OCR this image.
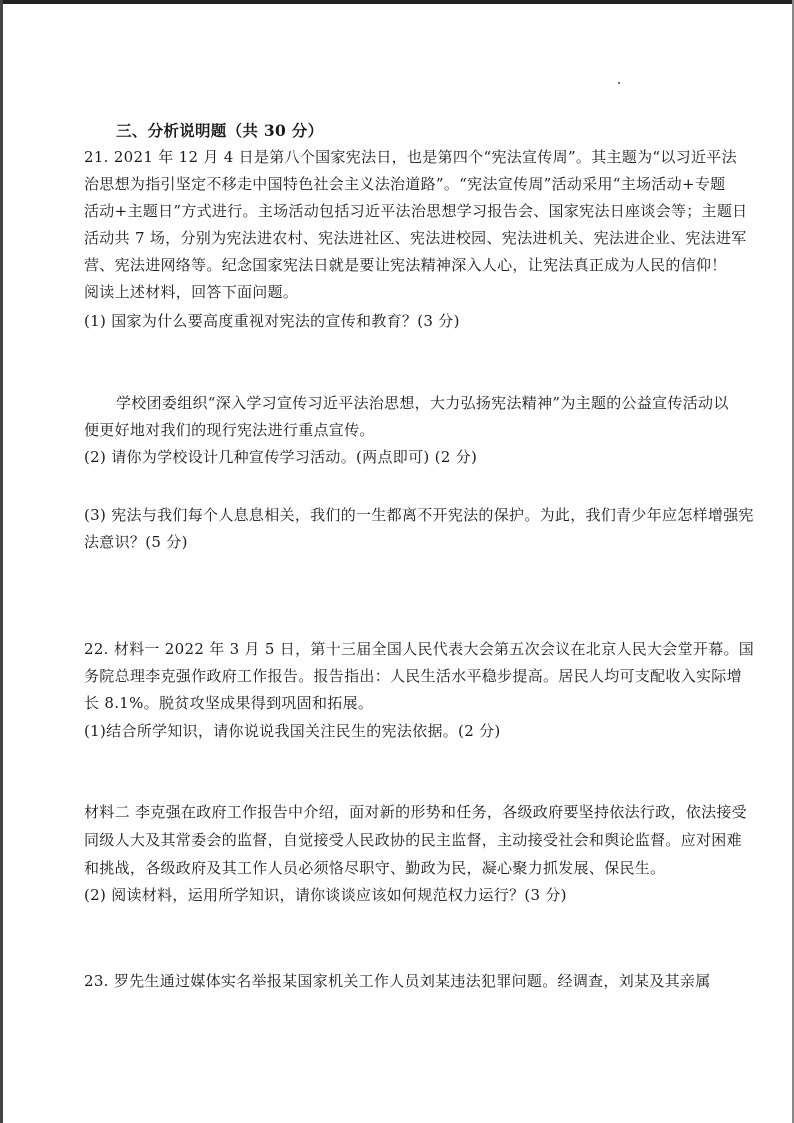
三、分析说明题（共 30 分）
21. 2021 年 12 月 4 日是第八个国家宪法日，也是第四个“宪法宣传周”。其主题为“以习近平法
治思想为指引坚定不移走中国特色社会主义法治道路”。“宪法宣传周”活动采用“主场活动+专题
活动+主题日”方式进行。主场活动包括习近平法治思想学习报告会、国家宪法日座谈会等；主题日
活动共 7 场，分别为宪法进农村、宪法进社区、宪法进校园、宪法进机关、宪法进企业、宪法进军
营、宪法进网络等。纪念国家宪法日就是要让宪法精神深入人心，让宪法真正成为人民的信仰！
阅读上述材料，回答下面问题。
(1) 国家为什么要高度重视对宪法的宣传和教育？(3 分)
学校团委组织“深入学习宣传习近平法治思想，大力弘扬宪法精神”为主题的公益宣传活动以
便更好地对我们的现行宪法进行重点宣传。
(2) 请你为学校设计几种宣传学习活动。(两点即可) (2 分)
(3) 宪法与我们每个人息息相关，我们的一生都离不开宪法的保护。为此，我们青少年应怎样增强宪
法意识？(5 分)
22. 材料一 2022 年 3 月 5 日，第十三届全国人民代表大会第五次会议在北京人民大会堂开幕。国
务院总理李克强作政府工作报告。报告指出：人民生活水平稳步提高。居民人均可支配收入实际增
长 8.1%。脱贫攻坚成果得到巩固和拓展。
(1)结合所学知识，请你说说我国关注民生的宪法依据。(2 分)
材料二 李克强在政府工作报告中介绍，面对新的形势和任务，各级政府要坚持依法行政，依法接受
同级人大及其常委会的监督，自觉接受人民政协的民主监督，主动接受社会和舆论监督。应对困难
和挑战，各级政府及其工作人员必须恪尽职守、勤政为民，凝心聚力抓发展、保民生。
(2) 阅读材料，运用所学知识，请你谈谈应该如何规范权力运行？(3 分)
23. 罗先生通过媒体实名举报某国家机关工作人员刘某违法犯罪问题。经调查，刘某及其亲属
